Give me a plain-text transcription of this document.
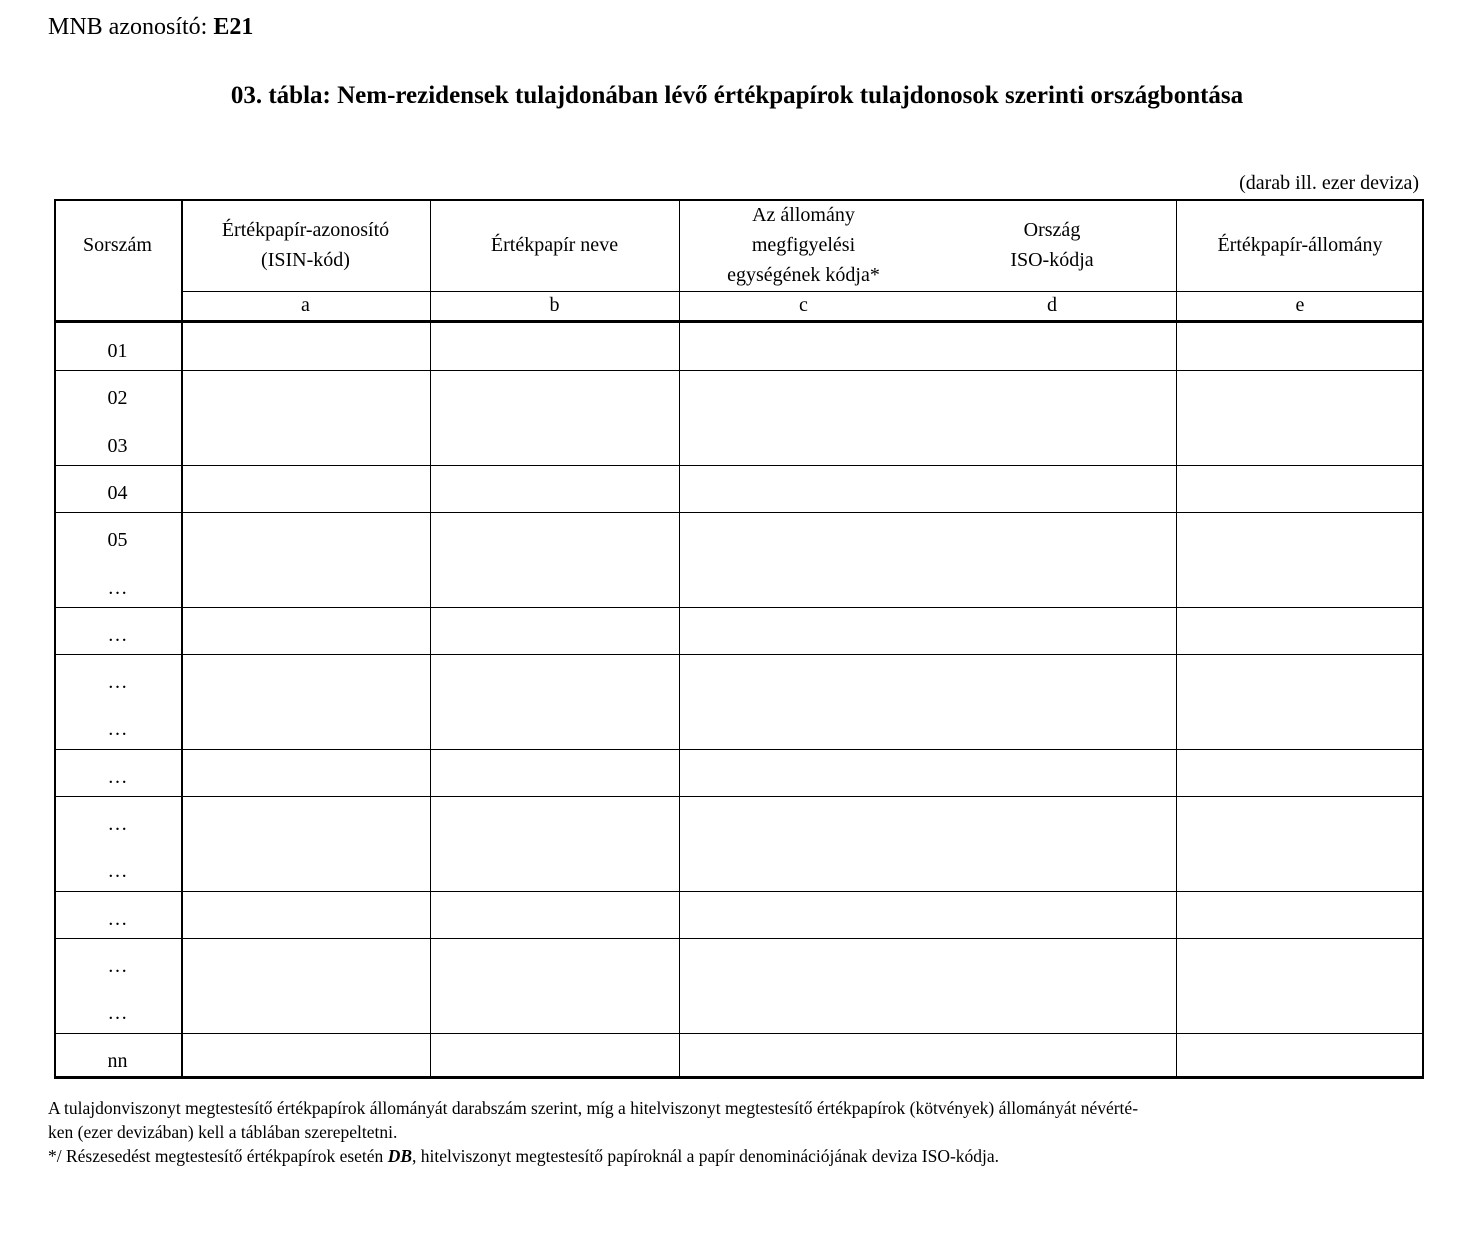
MNB azonosító: E21
03. tábla: Nem-rezidensek tulajdonában lévő értékpapírok tulajdonosok szerinti országbontása
(darab ill. ezer deviza)
Sorszám
Értékpapír-azonosító
(ISIN-kód)
a
Értékpapír neve
b
Az állomány
megfigyelési
egységének kódja*
c
Ország
ISO-kódja
d
Értékpapír-állomány
e
01
02
03
04
05
…
…
…
…
…
…
…
…
…
…
nn
A tulajdonviszonyt megtestesítő értékpapírok állományát darabszám szerint, míg a hitelviszonyt megtestesítő értékpapírok (kötvények) állományát névérté-
ken (ezer devizában) kell a táblában szerepeltetni.
*/ Részesedést megtestesítő értékpapírok esetén DB, hitelviszonyt megtestesítő papíroknál a papír denominációjának deviza ISO-kódja.
